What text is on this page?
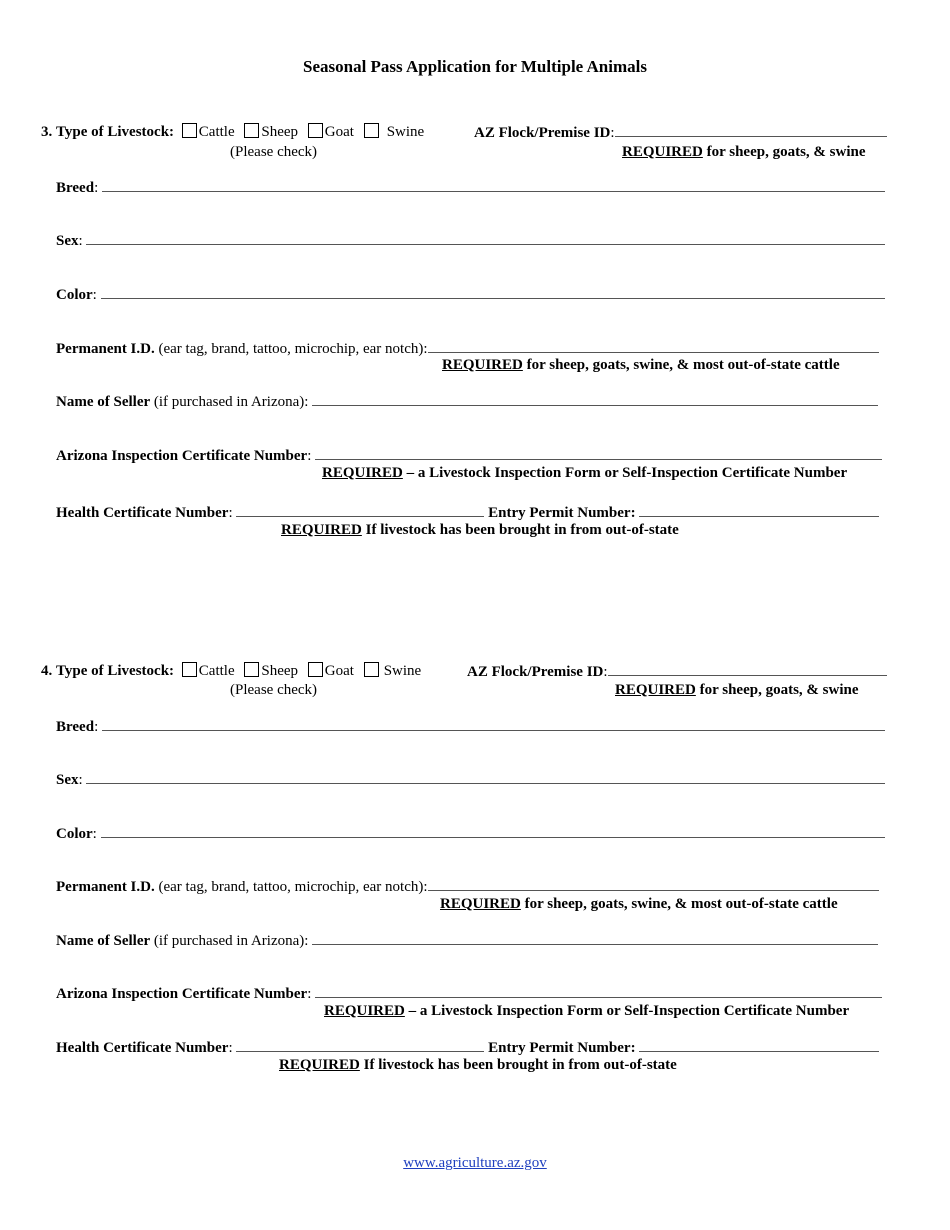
Seasonal Pass Application for Multiple Animals
3. Type of Livestock: Cattle Sheep Goat Swine	AZ Flock/Premise ID:
(Please check)	REQUIRED for sheep, goats, & swine
Breed:
Sex:
Color:
Permanent I.D. (ear tag, brand, tattoo, microchip, ear notch):
REQUIRED for sheep, goats, swine, & most out-of-state cattle
Name of Seller (if purchased in Arizona):
Arizona Inspection Certificate Number:
REQUIRED – a Livestock Inspection Form or Self-Inspection Certificate Number
Health Certificate Number:	Entry Permit Number:
REQUIRED If livestock has been brought in from out-of-state
4. Type of Livestock: Cattle Sheep Goat Swine	AZ Flock/Premise ID:
(Please check)	REQUIRED for sheep, goats, & swine
Breed:
Sex:
Color:
Permanent I.D. (ear tag, brand, tattoo, microchip, ear notch):
REQUIRED for sheep, goats, swine, & most out-of-state cattle
Name of Seller (if purchased in Arizona):
Arizona Inspection Certificate Number:
REQUIRED – a Livestock Inspection Form or Self-Inspection Certificate Number
Health Certificate Number:	Entry Permit Number:
REQUIRED If livestock has been brought in from out-of-state
www.agriculture.az.gov
